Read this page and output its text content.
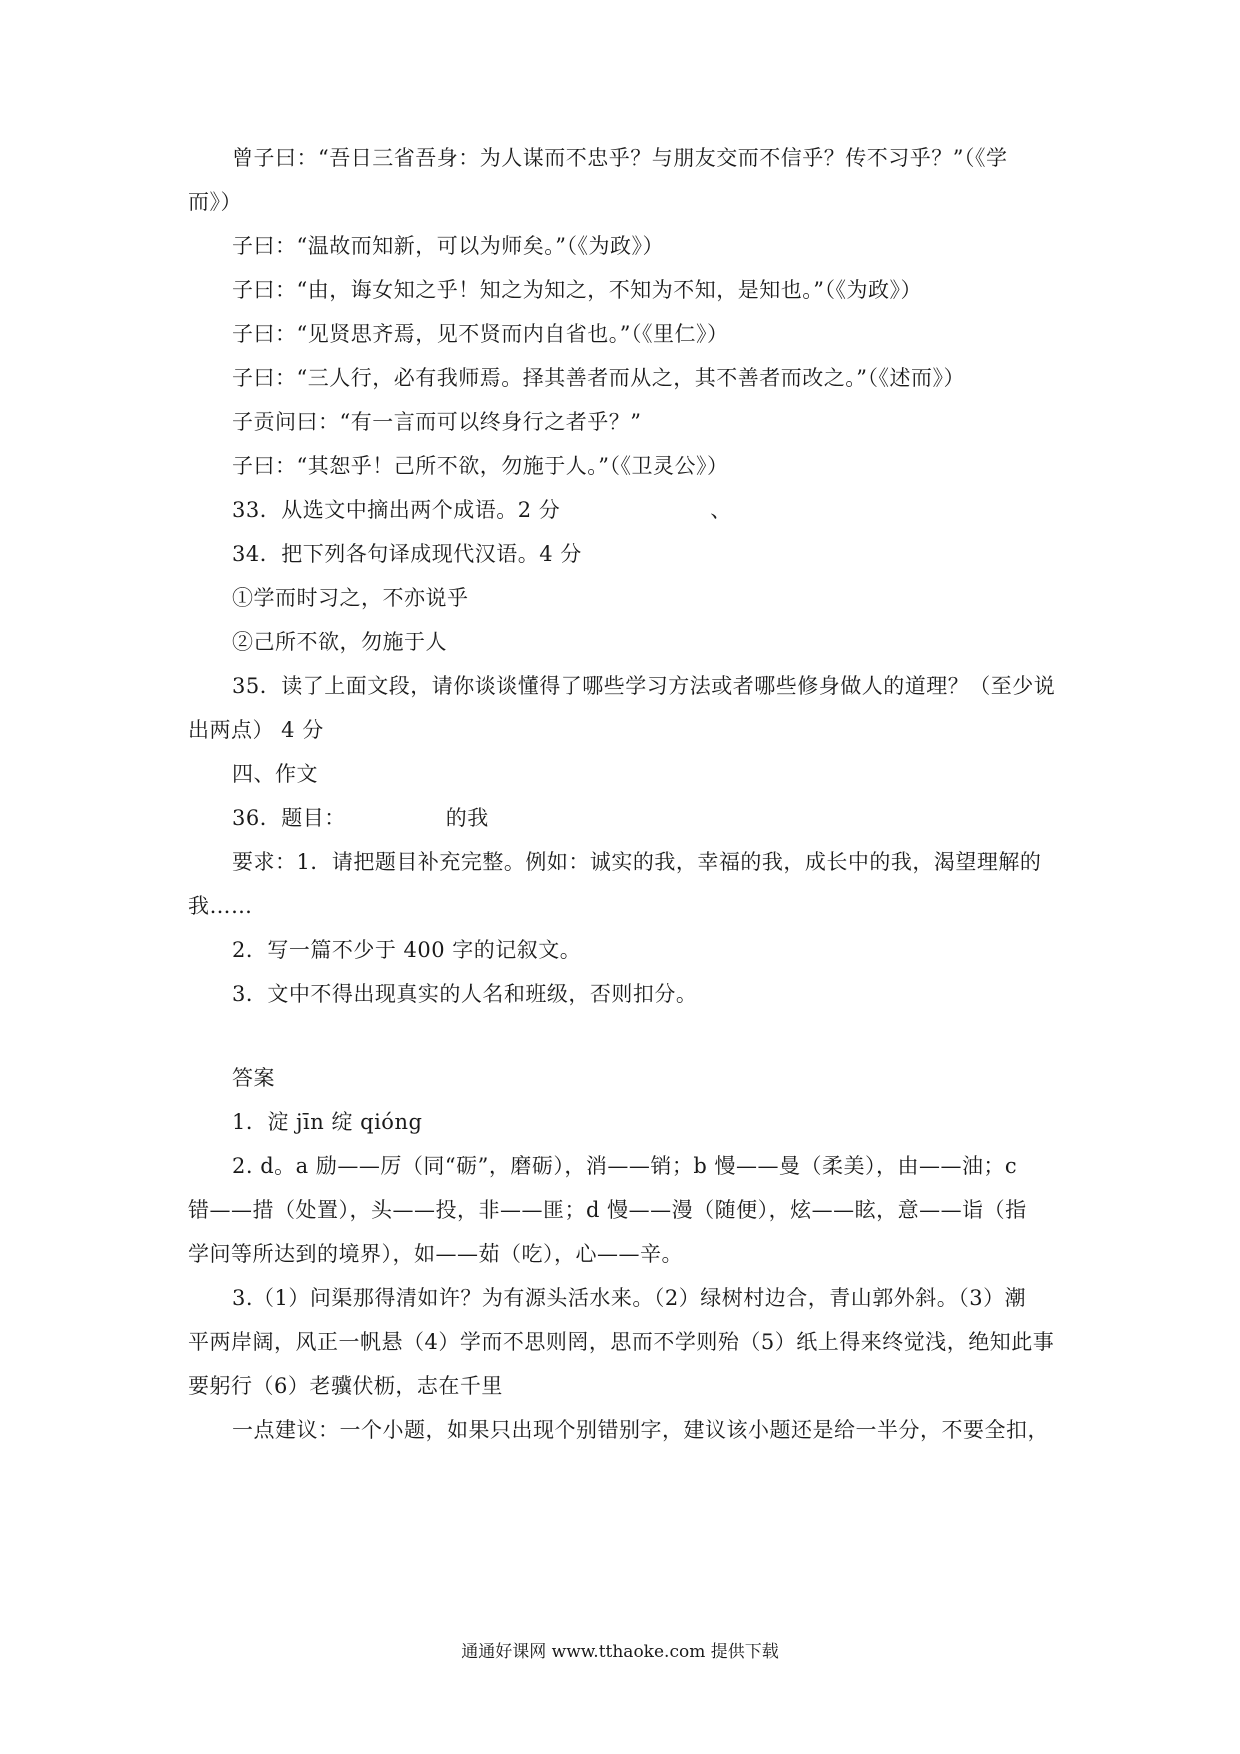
曾子曰：“吾日三省吾身：为人谋而不忠乎？与朋友交而不信乎？传不习乎？”（《学
而》）
子曰：“温故而知新，可以为师矣。”（《为政》）
子曰：“由，诲女知之乎！知之为知之，不知为不知，是知也。”（《为政》）
子曰：“见贤思齐焉，见不贤而内自省也。”（《里仁》）
子曰：“三人行，必有我师焉。择其善者而从之，其不善者而改之。”（《述而》）
子贡问曰：“有一言而可以终身行之者乎？”
子曰：“其恕乎！己所不欲，勿施于人。”（《卫灵公》）
33．从选文中摘出两个成语。2 分	、
34．把下列各句译成现代汉语。4 分
①学而时习之，不亦说乎
②己所不欲，勿施于人
35．读了上面文段，请你谈谈懂得了哪些学习方法或者哪些修身做人的道理？（至少说
出两点） 4 分
四、作文
36．题目：	的我
要求：1．请把题目补充完整。例如：诚实的我，幸福的我，成长中的我，渴望理解的
我……
2．写一篇不少于 400 字的记叙文。
3．文中不得出现真实的人名和班级，否则扣分。
答案
1．淀 jīn 绽 qióng
2. d。a 励——厉（同“砺”，磨砺），消——销；b 慢——曼（柔美），由——油；c
错——措（处置），头——投，非——匪；d 慢——漫（随便），炫——眩，意——诣（指
学问等所达到的境界），如——茹（吃），心——辛。
3.（1）问渠那得清如许？为有源头活水来。（2）绿树村边合，青山郭外斜。（3）潮
平两岸阔，风正一帆悬（4）学而不思则罔，思而不学则殆（5）纸上得来终觉浅，绝知此事
要躬行（6）老骥伏枥，志在千里
一点建议：一个小题，如果只出现个别错别字，建议该小题还是给一半分，不要全扣，
通通好课网 www.tthaoke.com 提供下载
